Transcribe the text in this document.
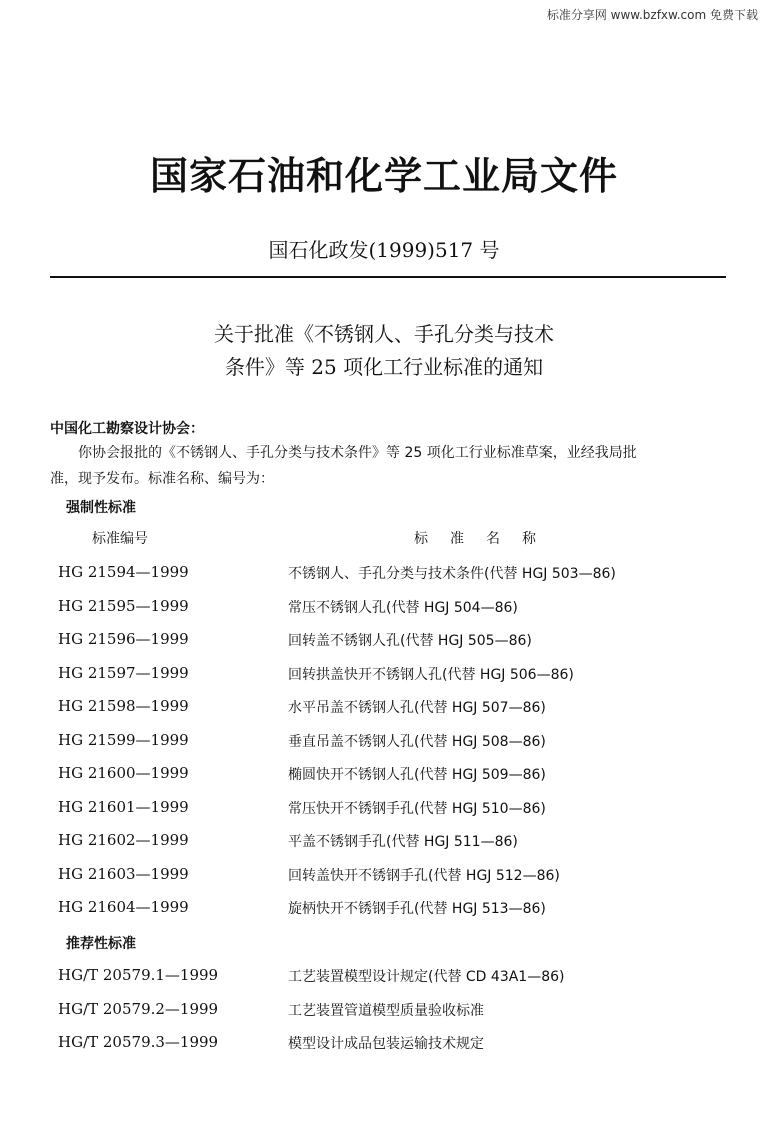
标准分享网 www.bzfxw.com 免费下载
国家石油和化学工业局文件
国石化政发(1999)517 号
关于批准《不锈钢人、手孔分类与技术
条件》等 25 项化工行业标准的通知
中国化工勘察设计协会：
你协会报批的《不锈钢人、手孔分类与技术条件》等 25 项化工行业标准草案，业经我局批
准，现予发布。标准名称、编号为：
强制性标准
标准编号	标准名称
HG 21594—1999	不锈钢人、手孔分类与技术条件(代替 HGJ 503—86)
HG 21595—1999	常压不锈钢人孔(代替 HGJ 504—86)
HG 21596—1999	回转盖不锈钢人孔(代替 HGJ 505—86)
HG 21597—1999	回转拱盖快开不锈钢人孔(代替 HGJ 506—86)
HG 21598—1999	水平吊盖不锈钢人孔(代替 HGJ 507—86)
HG 21599—1999	垂直吊盖不锈钢人孔(代替 HGJ 508—86)
HG 21600—1999	椭圆快开不锈钢人孔(代替 HGJ 509—86)
HG 21601—1999	常压快开不锈钢手孔(代替 HGJ 510—86)
HG 21602—1999	平盖不锈钢手孔(代替 HGJ 511—86)
HG 21603—1999	回转盖快开不锈钢手孔(代替 HGJ 512—86)
HG 21604—1999	旋柄快开不锈钢手孔(代替 HGJ 513—86)
推荐性标准
HG/T 20579.1—1999	工艺装置模型设计规定(代替 CD 43A1—86)
HG/T 20579.2—1999	工艺装置管道模型质量验收标准
HG/T 20579.3—1999	模型设计成品包装运输技术规定
